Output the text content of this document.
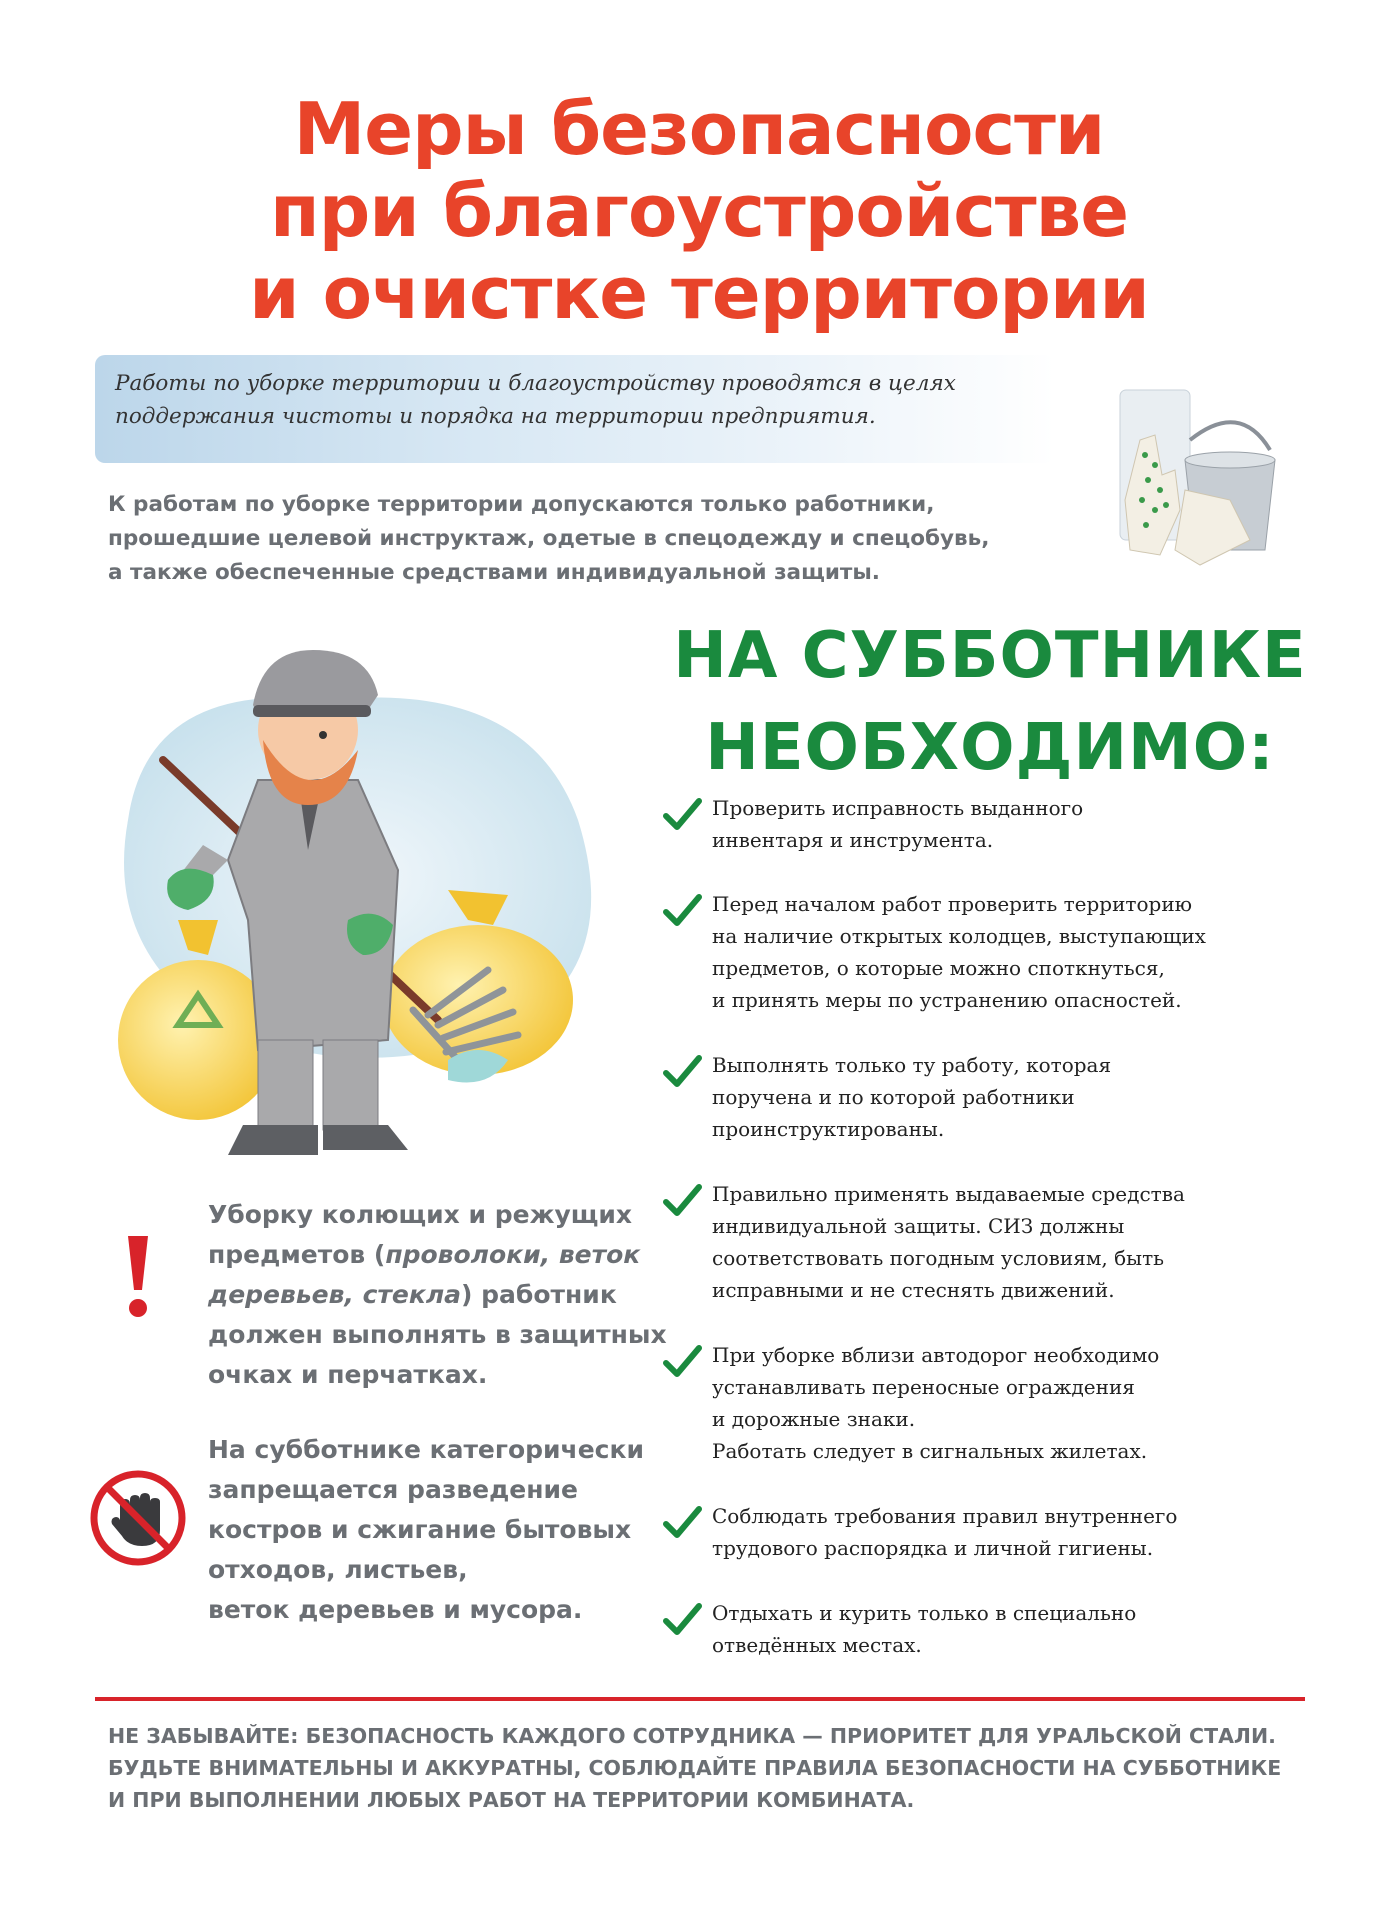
Меры безопасности
при благоустройстве
и очистке территории

Работы по уборке территории и благоустройству проводятся в целях

поддержания чистоты и порядка на территории предприятия.

К работам по уборке территории допускаются только работники,
прошедшие целевой инструктаж, одетые в спецодежду и спецобувь,
а также обеспеченные средствами индивидуальной защиты.
НА СУББОТНИКЕ
НЕОБХОДИМО:
Проверить исправность выданного
инвентаря и инструмента.
Перед началом работ проверить территорию
на наличие открытых колодцев, выступающих
предметов, о которые можно споткнуться,
и принять меры по устранению опасностей.
Выполнять только ту работу, которая
поручена и по которой работники
проинструктированы.
Правильно применять выдаваемые средства
индивидуальной защиты. СИЗ должны
соответствовать погодным условиям, быть
исправными и не стеснять движений.
При уборке вблизи автодорог необходимо
устанавливать переносные ограждения
и дорожные знаки.
Работать следует в сигнальных жилетах.
Соблюдать требования правил внутреннего
трудового распорядка и личной гигиены.
Отдыхать и курить только в специально
отведённых местах.
Уборку колющих и режущих
предметов (проволоки, веток
деревьев, стекла) работник
должен выполнять в защитных
очках и перчатках.
На субботнике категорически
запрещается разведение
костров и сжигание бытовых
отходов, листьев,
веток деревьев и мусора.
НЕ ЗАБЫВАЙТЕ: БЕЗОПАСНОСТЬ КАЖДОГО СОТРУДНИКА — ПРИОРИТЕТ ДЛЯ УРАЛЬСКОЙ СТАЛИ.
БУДЬТЕ ВНИМАТЕЛЬНЫ И АККУРАТНЫ, СОБЛЮДАЙТЕ ПРАВИЛА БЕЗОПАСНОСТИ НА СУББОТНИКЕ
И ПРИ ВЫПОЛНЕНИИ ЛЮБЫХ РАБОТ НА ТЕРРИТОРИИ КОМБИНАТА.
